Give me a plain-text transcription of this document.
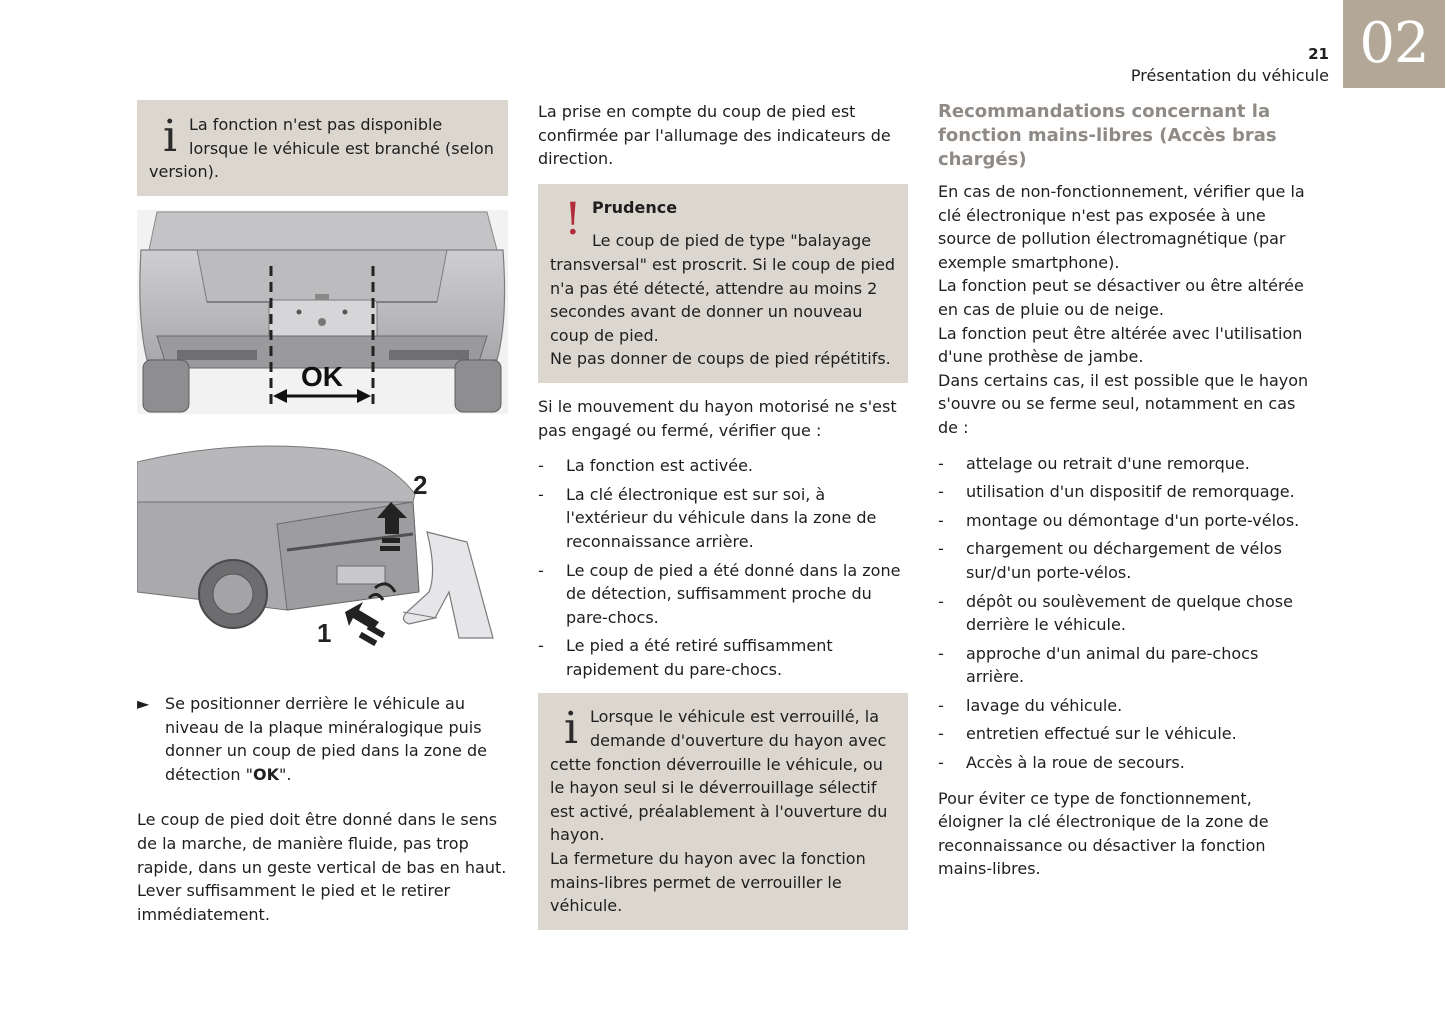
02
21
Présentation du véhicule
i La fonction n'est pas disponible lorsque le véhicule est branché (selon version).

OK
2
1
► Se positionner derrière le véhicule au niveau de la plaque minéralogique puis donner un coup de pied dans la zone de détection "OK".

Le coup de pied doit être donné dans le sens de la marche, de manière fluide, pas trop rapide, dans un geste vertical de bas en haut. Lever suffisamment le pied et le retirer immédiatement.

La prise en compte du coup de pied est confirmée par l'allumage des indicateurs de direction.

! Prudence

Le coup de pied de type "balayage transversal" est proscrit. Si le coup de pied n'a pas été détecté, attendre au moins 2 secondes avant de donner un nouveau coup de pied.

Ne pas donner de coups de pied répétitifs.

Si le mouvement du hayon motorisé ne s'est pas engagé ou fermé, vérifier que :

- La fonction est activée.
- La clé électronique est sur soi, à l'extérieur du véhicule dans la zone de reconnaissance arrière.
- Le coup de pied a été donné dans la zone de détection, suffisamment proche du pare-chocs.
- Le pied a été retiré suffisamment rapidement du pare-chocs.
i Lorsque le véhicule est verrouillé, la demande d'ouverture du hayon avec cette fonction déverrouille le véhicule, ou le hayon seul si le déverrouillage sélectif est activé, préalablement à l'ouverture du hayon.

La fermeture du hayon avec la fonction mains-libres permet de verrouiller le véhicule.

Recommandations concernant la fonction mains-libres (Accès bras chargés)

En cas de non-fonctionnement, vérifier que la clé électronique n'est pas exposée à une source de pollution électromagnétique (par exemple smartphone).

La fonction peut se désactiver ou être altérée en cas de pluie ou de neige.

La fonction peut être altérée avec l'utilisation d'une prothèse de jambe.

Dans certains cas, il est possible que le hayon s'ouvre ou se ferme seul, notamment en cas de :

- attelage ou retrait d'une remorque.
- utilisation d'un dispositif de remorquage.
- montage ou démontage d'un porte-vélos.
- chargement ou déchargement de vélos sur/d'un porte-vélos.
- dépôt ou soulèvement de quelque chose derrière le véhicule.
- approche d'un animal du pare-chocs arrière.
- lavage du véhicule.
- entretien effectué sur le véhicule.
- Accès à la roue de secours.

Pour éviter ce type de fonctionnement, éloigner la clé électronique de la zone de reconnaissance ou désactiver la fonction mains-libres.
